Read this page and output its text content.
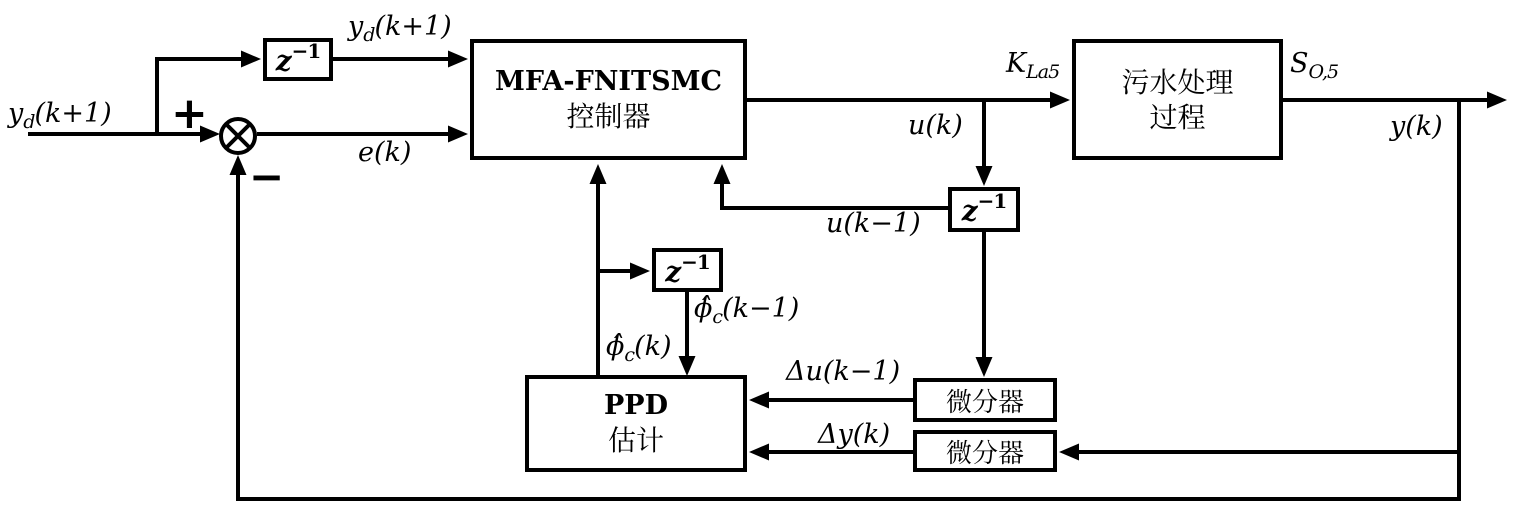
$z^{-1}$
MFA-FNITSMC
控制器
污水处理
过程
$z^{-1}$
$z^{-1}$
PPD
估计
微分器
微分器
+
−
$y_d(k+1)$
$y_d(k+1)$
e(k)
u(k)
u(k−1)
$K_{La5}$	$S_{O,5}$
y(k)
$\phî_c(k-1)$
$\phî_c(k)$
Δu(k−1)
Δy(k)
